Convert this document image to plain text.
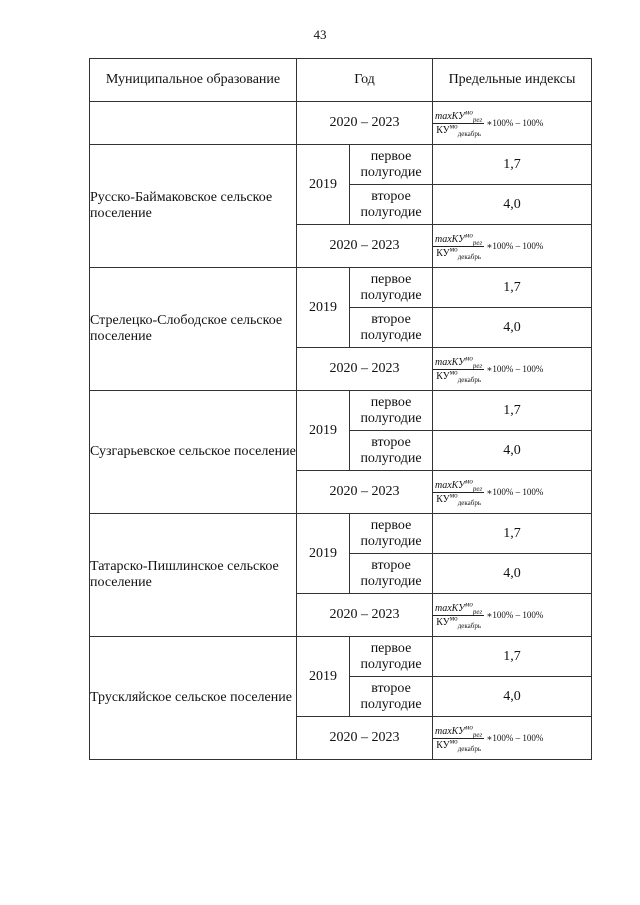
43
Муниципальное образование	Год		Предельные индексы
	2020 – 2023		$\frac{\max КУ^{мо}_{рег}}{КУ^{мо}_{декабрь}}$ ∗100% – 100%
Русско-Баймаковское сельское поселение	2019	первое полугодие	1,7
		второе полугодие	4,0
	2020 – 2023		$\frac{\max КУ^{мо}_{рег}}{КУ^{мо}_{декабрь}}$ ∗100% – 100%
Стрелецко-Слободское сельское поселение	2019	первое полугодие	1,7
		второе полугодие	4,0
	2020 – 2023		$\frac{\max КУ^{мо}_{рег}}{КУ^{мо}_{декабрь}}$ ∗100% – 100%
Сузгарьевское сельское поселение	2019	первое полугодие	1,7
		второе полугодие	4,0
	2020 – 2023		$\frac{\max КУ^{мо}_{рег}}{КУ^{мо}_{декабрь}}$ ∗100% – 100%
Татарско-Пишлинское сельское поселение	2019	первое полугодие	1,7
		второе полугодие	4,0
	2020 – 2023		$\frac{\max КУ^{мо}_{рег}}{КУ^{мо}_{декабрь}}$ ∗100% – 100%
Трускляйское сельское поселение	2019	первое полугодие	1,7
		второе полугодие	4,0
	2020 – 2023		$\frac{\max КУ^{мо}_{рег}}{КУ^{мо}_{декабрь}}$ ∗100% – 100%
